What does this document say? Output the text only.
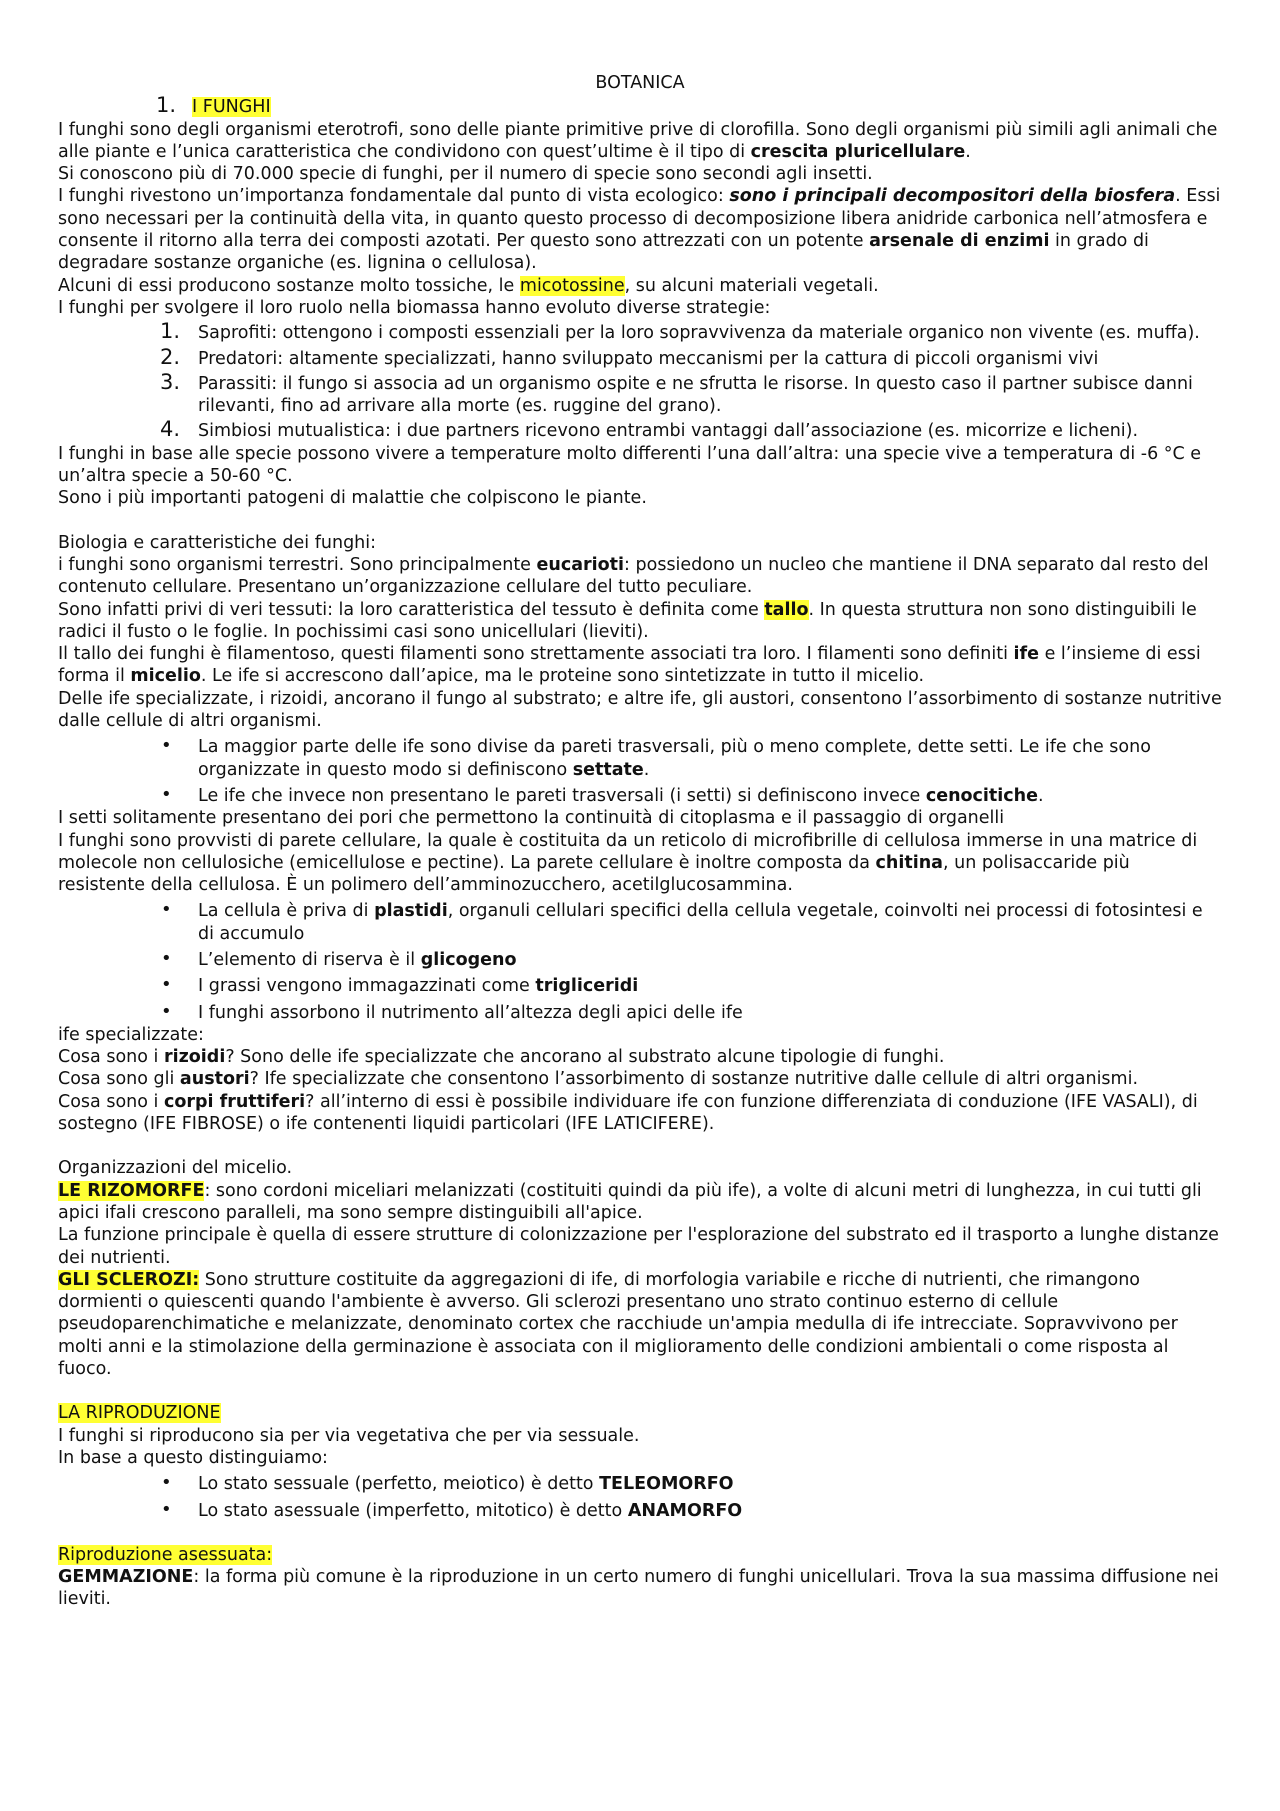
BOTANICA

1. I FUNGHI

I funghi sono degli organismi eterotrofi, sono delle piante primitive prive di clorofilla. Sono degli organismi più simili agli animali che alle piante e l’unica caratteristica che condividono con quest’ultime è il tipo di crescita pluricellulare.

Si conoscono più di 70.000 specie di funghi, per il numero di specie sono secondi agli insetti.

I funghi rivestono un’importanza fondamentale dal punto di vista ecologico: sono i principali decompositori della biosfera. Essi sono necessari per la continuità della vita, in quanto questo processo di decomposizione libera anidride carbonica nell’atmosfera e consente il ritorno alla terra dei composti azotati. Per questo sono attrezzati con un potente arsenale di enzimi in grado di degradare sostanze organiche (es. lignina o cellulosa).

Alcuni di essi producono sostanze molto tossiche, le micotossine, su alcuni materiali vegetali.

I funghi per svolgere il loro ruolo nella biomassa hanno evoluto diverse strategie:

1. Saprofiti: ottengono i composti essenziali per la loro sopravvivenza da materiale organico non vivente (es. muffa).
2. Predatori: altamente specializzati, hanno sviluppato meccanismi per la cattura di piccoli organismi vivi
3. Parassiti: il fungo si associa ad un organismo ospite e ne sfrutta le risorse. In questo caso il partner subisce danni rilevanti, fino ad arrivare alla morte (es. ruggine del grano).
4. Simbiosi mutualistica: i due partners ricevono entrambi vantaggi dall’associazione (es. micorrize e licheni).

I funghi in base alle specie possono vivere a temperature molto differenti l’una dall’altra: una specie vive a temperatura di -6 °C e un’altra specie a 50-60 °C.

Sono i più importanti patogeni di malattie che colpiscono le piante.

Biologia e caratteristiche dei funghi:

i funghi sono organismi terrestri. Sono principalmente eucarioti: possiedono un nucleo che mantiene il DNA separato dal resto del contenuto cellulare. Presentano un’organizzazione cellulare del tutto peculiare.

Sono infatti privi di veri tessuti: la loro caratteristica del tessuto è definita come tallo. In questa struttura non sono distinguibili le radici il fusto o le foglie. In pochissimi casi sono unicellulari (lieviti).

Il tallo dei funghi è filamentoso, questi filamenti sono strettamente associati tra loro. I filamenti sono definiti ife e l’insieme di essi forma il micelio. Le ife si accrescono dall’apice, ma le proteine sono sintetizzate in tutto il micelio.

Delle ife specializzate, i rizoidi, ancorano il fungo al substrato; e altre ife, gli austori, consentono l’assorbimento di sostanze nutritive dalle cellule di altri organismi.

• La maggior parte delle ife sono divise da pareti trasversali, più o meno complete, dette setti. Le ife che sono organizzate in questo modo si definiscono settate.
• Le ife che invece non presentano le pareti trasversali (i setti) si definiscono invece cenocitiche.

I setti solitamente presentano dei pori che permettono la continuità di citoplasma e il passaggio di organelli

I funghi sono provvisti di parete cellulare, la quale è costituita da un reticolo di microfibrille di cellulosa immerse in una matrice di molecole non cellulosiche (emicellulose e pectine). La parete cellulare è inoltre composta da chitina, un polisaccaride più resistente della cellulosa. È un polimero dell’amminozucchero, acetilglucosammina.

• La cellula è priva di plastidi, organuli cellulari specifici della cellula vegetale, coinvolti nei processi di fotosintesi e di accumulo
• L’elemento di riserva è il glicogeno
• I grassi vengono immagazzinati come trigliceridi
• I funghi assorbono il nutrimento all’altezza degli apici delle ife

ife specializzate:

Cosa sono i rizoidi? Sono delle ife specializzate che ancorano al substrato alcune tipologie di funghi.

Cosa sono gli austori? Ife specializzate che consentono l’assorbimento di sostanze nutritive dalle cellule di altri organismi.

Cosa sono i corpi fruttiferi? all’interno di essi è possibile individuare ife con funzione differenziata di conduzione (IFE VASALI), di sostegno (IFE FIBROSE) o ife contenenti liquidi particolari (IFE LATICIFERE).

Organizzazioni del micelio.

LE RIZOMORFE: sono cordoni miceliari melanizzati (costituiti quindi da più ife), a volte di alcuni metri di lunghezza, in cui tutti gli apici ifali crescono paralleli, ma sono sempre distinguibili all'apice.

La funzione principale è quella di essere strutture di colonizzazione per l'esplorazione del substrato ed il trasporto a lunghe distanze dei nutrienti.

GLI SCLEROZI: Sono strutture costituite da aggregazioni di ife, di morfologia variabile e ricche di nutrienti, che rimangono dormienti o quiescenti quando l'ambiente è avverso. Gli sclerozi presentano uno strato continuo esterno di cellule pseudoparenchimatiche e melanizzate, denominato cortex che racchiude un'ampia medulla di ife intrecciate. Sopravvivono per molti anni e la stimolazione della germinazione è associata con il miglioramento delle condizioni ambientali o come risposta al fuoco.

LA RIPRODUZIONE

I funghi si riproducono sia per via vegetativa che per via sessuale.

In base a questo distinguiamo:

• Lo stato sessuale (perfetto, meiotico) è detto TELEOMORFO
• Lo stato asessuale (imperfetto, mitotico) è detto ANAMORFO

Riproduzione asessuata:

GEMMAZIONE: la forma più comune è la riproduzione in un certo numero di funghi unicellulari. Trova la sua massima diffusione nei lieviti.
